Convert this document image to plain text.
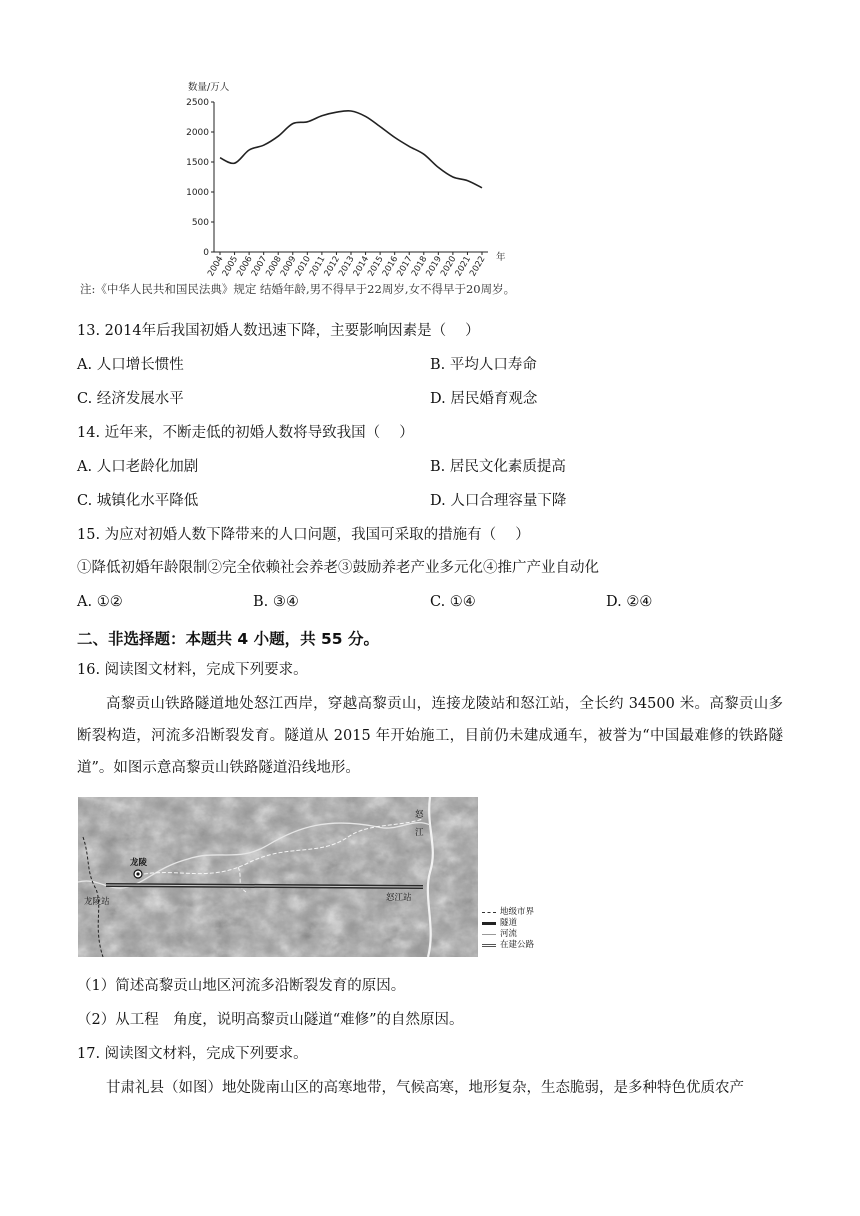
数量/万人
年
0
500
1000
1500
2000
2500
2004
2005
2006
2007
2008
2009
2010
2011
2012
2013
2014
2015
2016
2017
2018
2019
2020
2021
2022
注:《中华人民共和国民法典》规定 结婚年龄,男不得早于22周岁,女不得早于20周岁。
13. 2014年后我国初婚人数迅速下降，主要影响因素是（　 ）
A. 人口增长惯性	B. 平均人口寿命
C. 经济发展水平	D. 居民婚育观念
14. 近年来，不断走低的初婚人数将导致我国（　 ）
A. 人口老龄化加剧	B. 居民文化素质提高
C. 城镇化水平降低	D. 人口合理容量下降
15. 为应对初婚人数下降带来的人口问题，我国可采取的措施有（　 ）
①降低初婚年龄限制②完全依赖社会养老③鼓励养老产业多元化④推广产业自动化
A. ①②	B. ③④	C. ①④	D. ②④
二、非选择题：本题共 4 小题，共 55 分。
16. 阅读图文材料，完成下列要求。
高黎贡山铁路隧道地处怒江西岸，穿越高黎贡山，连接龙陵站和怒江站，全长约 34500 米。高黎贡山多断裂构造，河流多沿断裂发育。隧道从 2015 年开始施工，目前仍未建成通车，被誉为“中国最难修的铁路隧道”。如图示意高黎贡山铁路隧道沿线地形。
龙陵
龙陵站	怒江站
怒
江
地级市界
隧道
河流
在建公路
（1）简述高黎贡山地区河流多沿断裂发育的原因。
（2）从工程　角度，说明高黎贡山隧道“难修”的自然原因。
17. 阅读图文材料，完成下列要求。
甘肃礼县（如图）地处陇南山区的高寒地带，气候高寒，地形复杂，生态脆弱，是多种特色优质农产
